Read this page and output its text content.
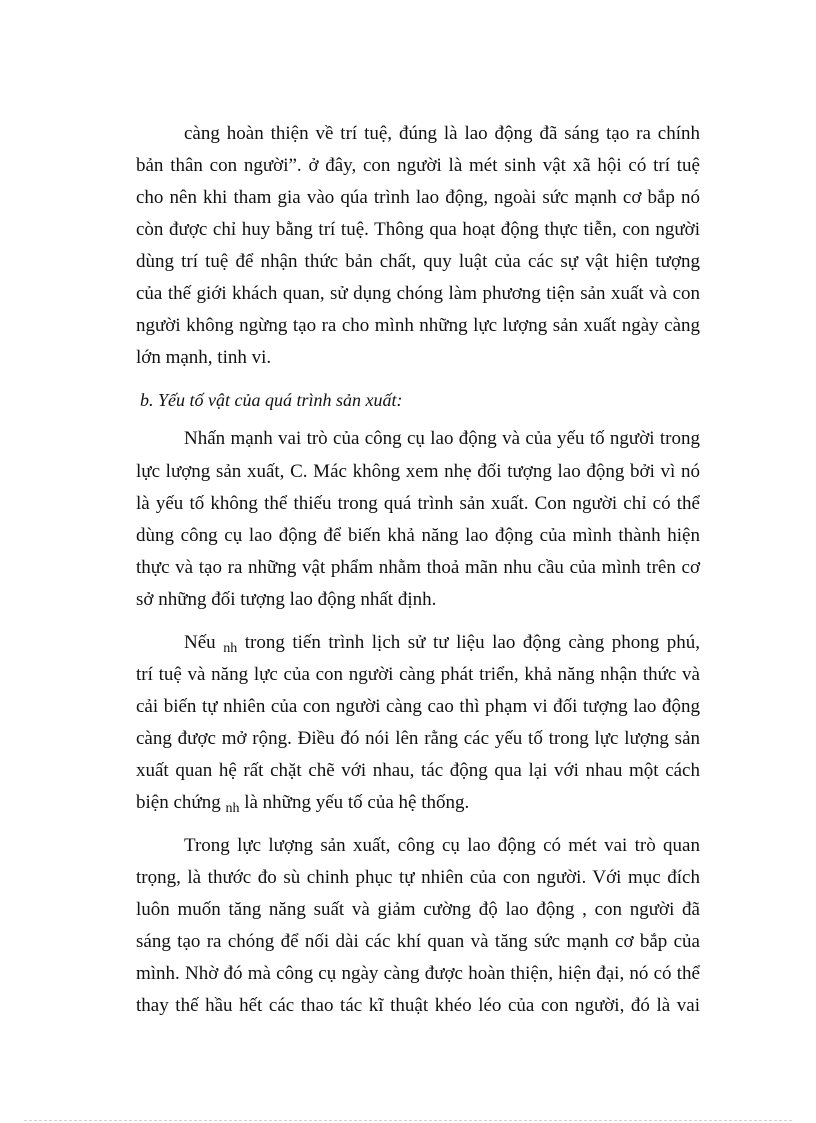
càng hoàn thiện về trí tuệ, đúng là lao động đã sáng tạo ra chính
bản thân con người”. ở đây, con người là mét sinh vật xã hội có trí tuệ
cho nên khi tham gia vào qúa trình lao động, ngoài sức mạnh cơ bắp nó
còn được chỉ huy bằng trí tuệ. Thông qua hoạt động thực tiễn, con người
dùng trí tuệ để nhận thức bản chất, quy luật của các sự vật hiện tượng
của thế giới khách quan, sử dụng chóng làm phương tiện sản xuất và con
người không ngừng tạo ra cho mình những lực lượng sản xuất ngày càng
lớn mạnh, tinh vi.
b. Yếu tố vật của quá trình sản xuất:
Nhấn mạnh vai trò của công cụ lao động và của yếu tố người trong
lực lượng sản xuất, C. Mác không xem nhẹ đối tượng lao động bởi vì nó
là yếu tố không thể thiếu trong quá trình sản xuất. Con người chỉ có thể
dùng công cụ lao động để biến khả năng lao động của mình thành hiện
thực và tạo ra những vật phẩm nhằm thoả mãn nhu cầu của mình trên cơ
sở những đối tượng lao động nhất định.
Nếu $_{nh}$ trong tiến trình lịch sử tư liệu lao động càng phong phú,
trí tuệ và năng lực của con người càng phát triển, khả năng nhận thức và
cải biến tự nhiên của con người càng cao thì phạm vi đối tượng lao động
càng được mở rộng. Điều đó nói lên rằng các yếu tố trong lực lượng sản
xuất quan hệ rất chặt chẽ với nhau, tác động qua lại với nhau một cách
biện chứng $_{nh}$ là những yếu tố của hệ thống.
Trong lực lượng sản xuất, công cụ lao động có mét vai trò quan
trọng, là thước đo sù chinh phục tự nhiên của con người. Với mục đích
luôn muốn tăng năng suất và giảm cường độ lao động , con người đã
sáng tạo ra chóng để nối dài các khí quan và tăng sức mạnh cơ bắp của
mình. Nhờ đó mà công cụ ngày càng được hoàn thiện, hiện đại, nó có thể
thay thế hầu hết các thao tác kĩ thuật khéo léo của con người, đó là vai
